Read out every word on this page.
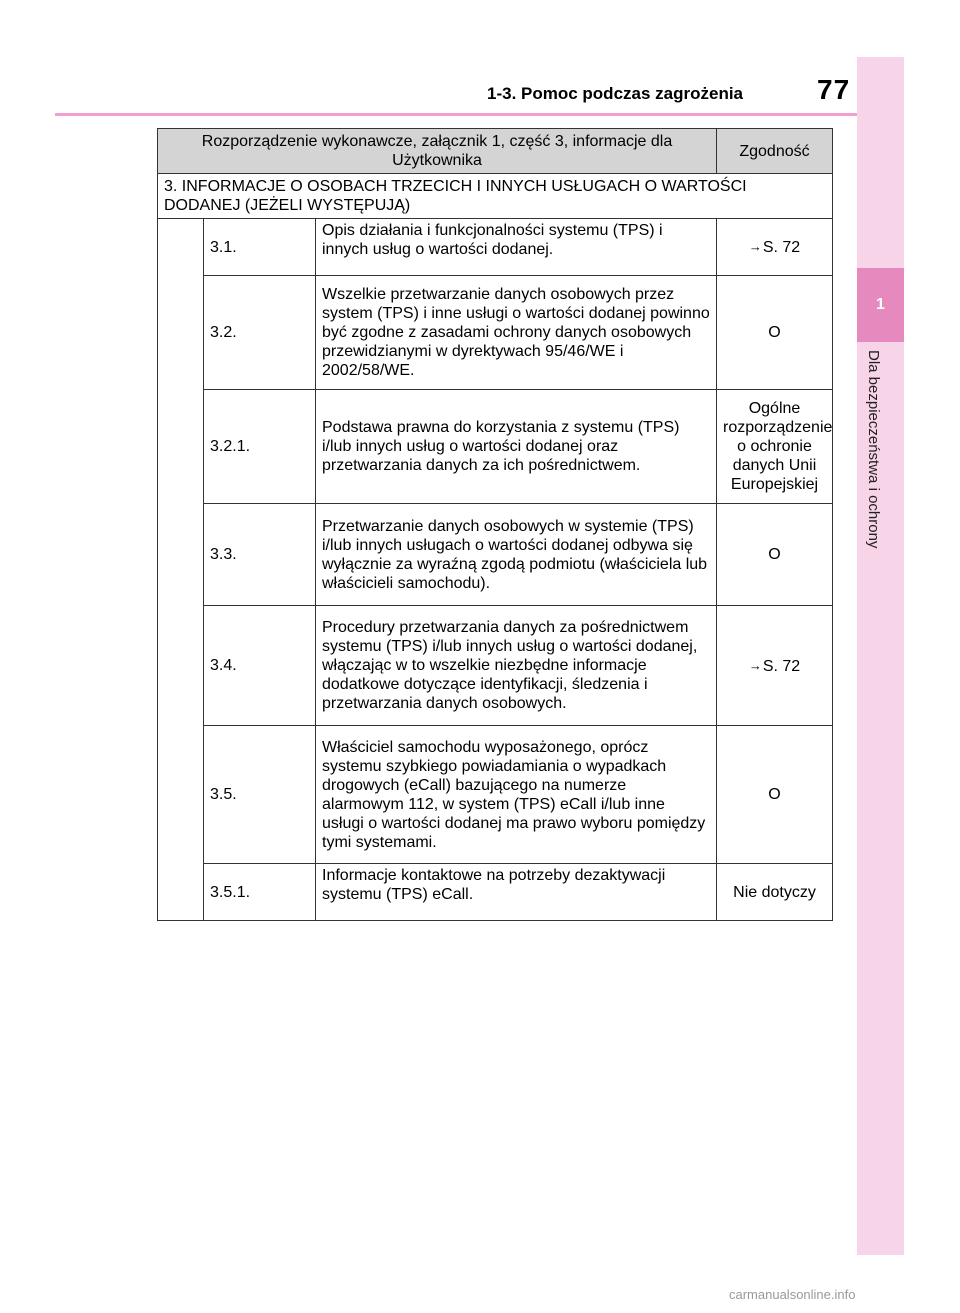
1
Dla bezpieczeństwa i ochrony
1-3. Pomoc podczas zagrożenia	77
Rozporządzenie wykonawcze, załącznik 1, część 3, informacje dla Użytkownika			Zgodność
3. INFORMACJE O OSOBACH TRZECICH I INNYCH USŁUGACH O WARTOŚCI DODANEJ (JEŻELI WYSTĘPUJĄ)			
	3.1.	Opis działania i funkcjonalności systemu (TPS) i innych usług o wartości dodanej.	→S. 72
	3.2.	Wszelkie przetwarzanie danych osobowych przez system (TPS) i inne usługi o wartości dodanej powinno być zgodne z zasadami ochrony danych osobowych przewidzianymi w dyrektywach 95/46/WE i 2002/58/WE.	O
	3.2.1.	Podstawa prawna do korzystania z systemu (TPS) i/lub innych usług o wartości dodanej oraz przetwarzania danych za ich pośrednictwem.	Ogólne rozporządzenie o ochronie danych Unii Europejskiej
	3.3.	Przetwarzanie danych osobowych w systemie (TPS) i/lub innych usługach o wartości dodanej odbywa się wyłącznie za wyraźną zgodą podmiotu (właściciela lub właścicieli samochodu).	O
	3.4.	Procedury przetwarzania danych za pośrednictwem systemu (TPS) i/lub innych usług o wartości dodanej, włączając w to wszelkie niezbędne informacje dodatkowe dotyczące identyfikacji, śledzenia i przetwarzania danych osobowych.	→S. 72
	3.5.	Właściciel samochodu wyposażonego, oprócz systemu szybkiego powiadamiania o wypadkach drogowych (eCall) bazującego na numerze alarmowym 112, w system (TPS) eCall i/lub inne usługi o wartości dodanej ma prawo wyboru pomiędzy tymi systemami.	O
	3.5.1.	Informacje kontaktowe na potrzeby dezaktywacji systemu (TPS) eCall.	Nie dotyczy
carmanualsonline.info
